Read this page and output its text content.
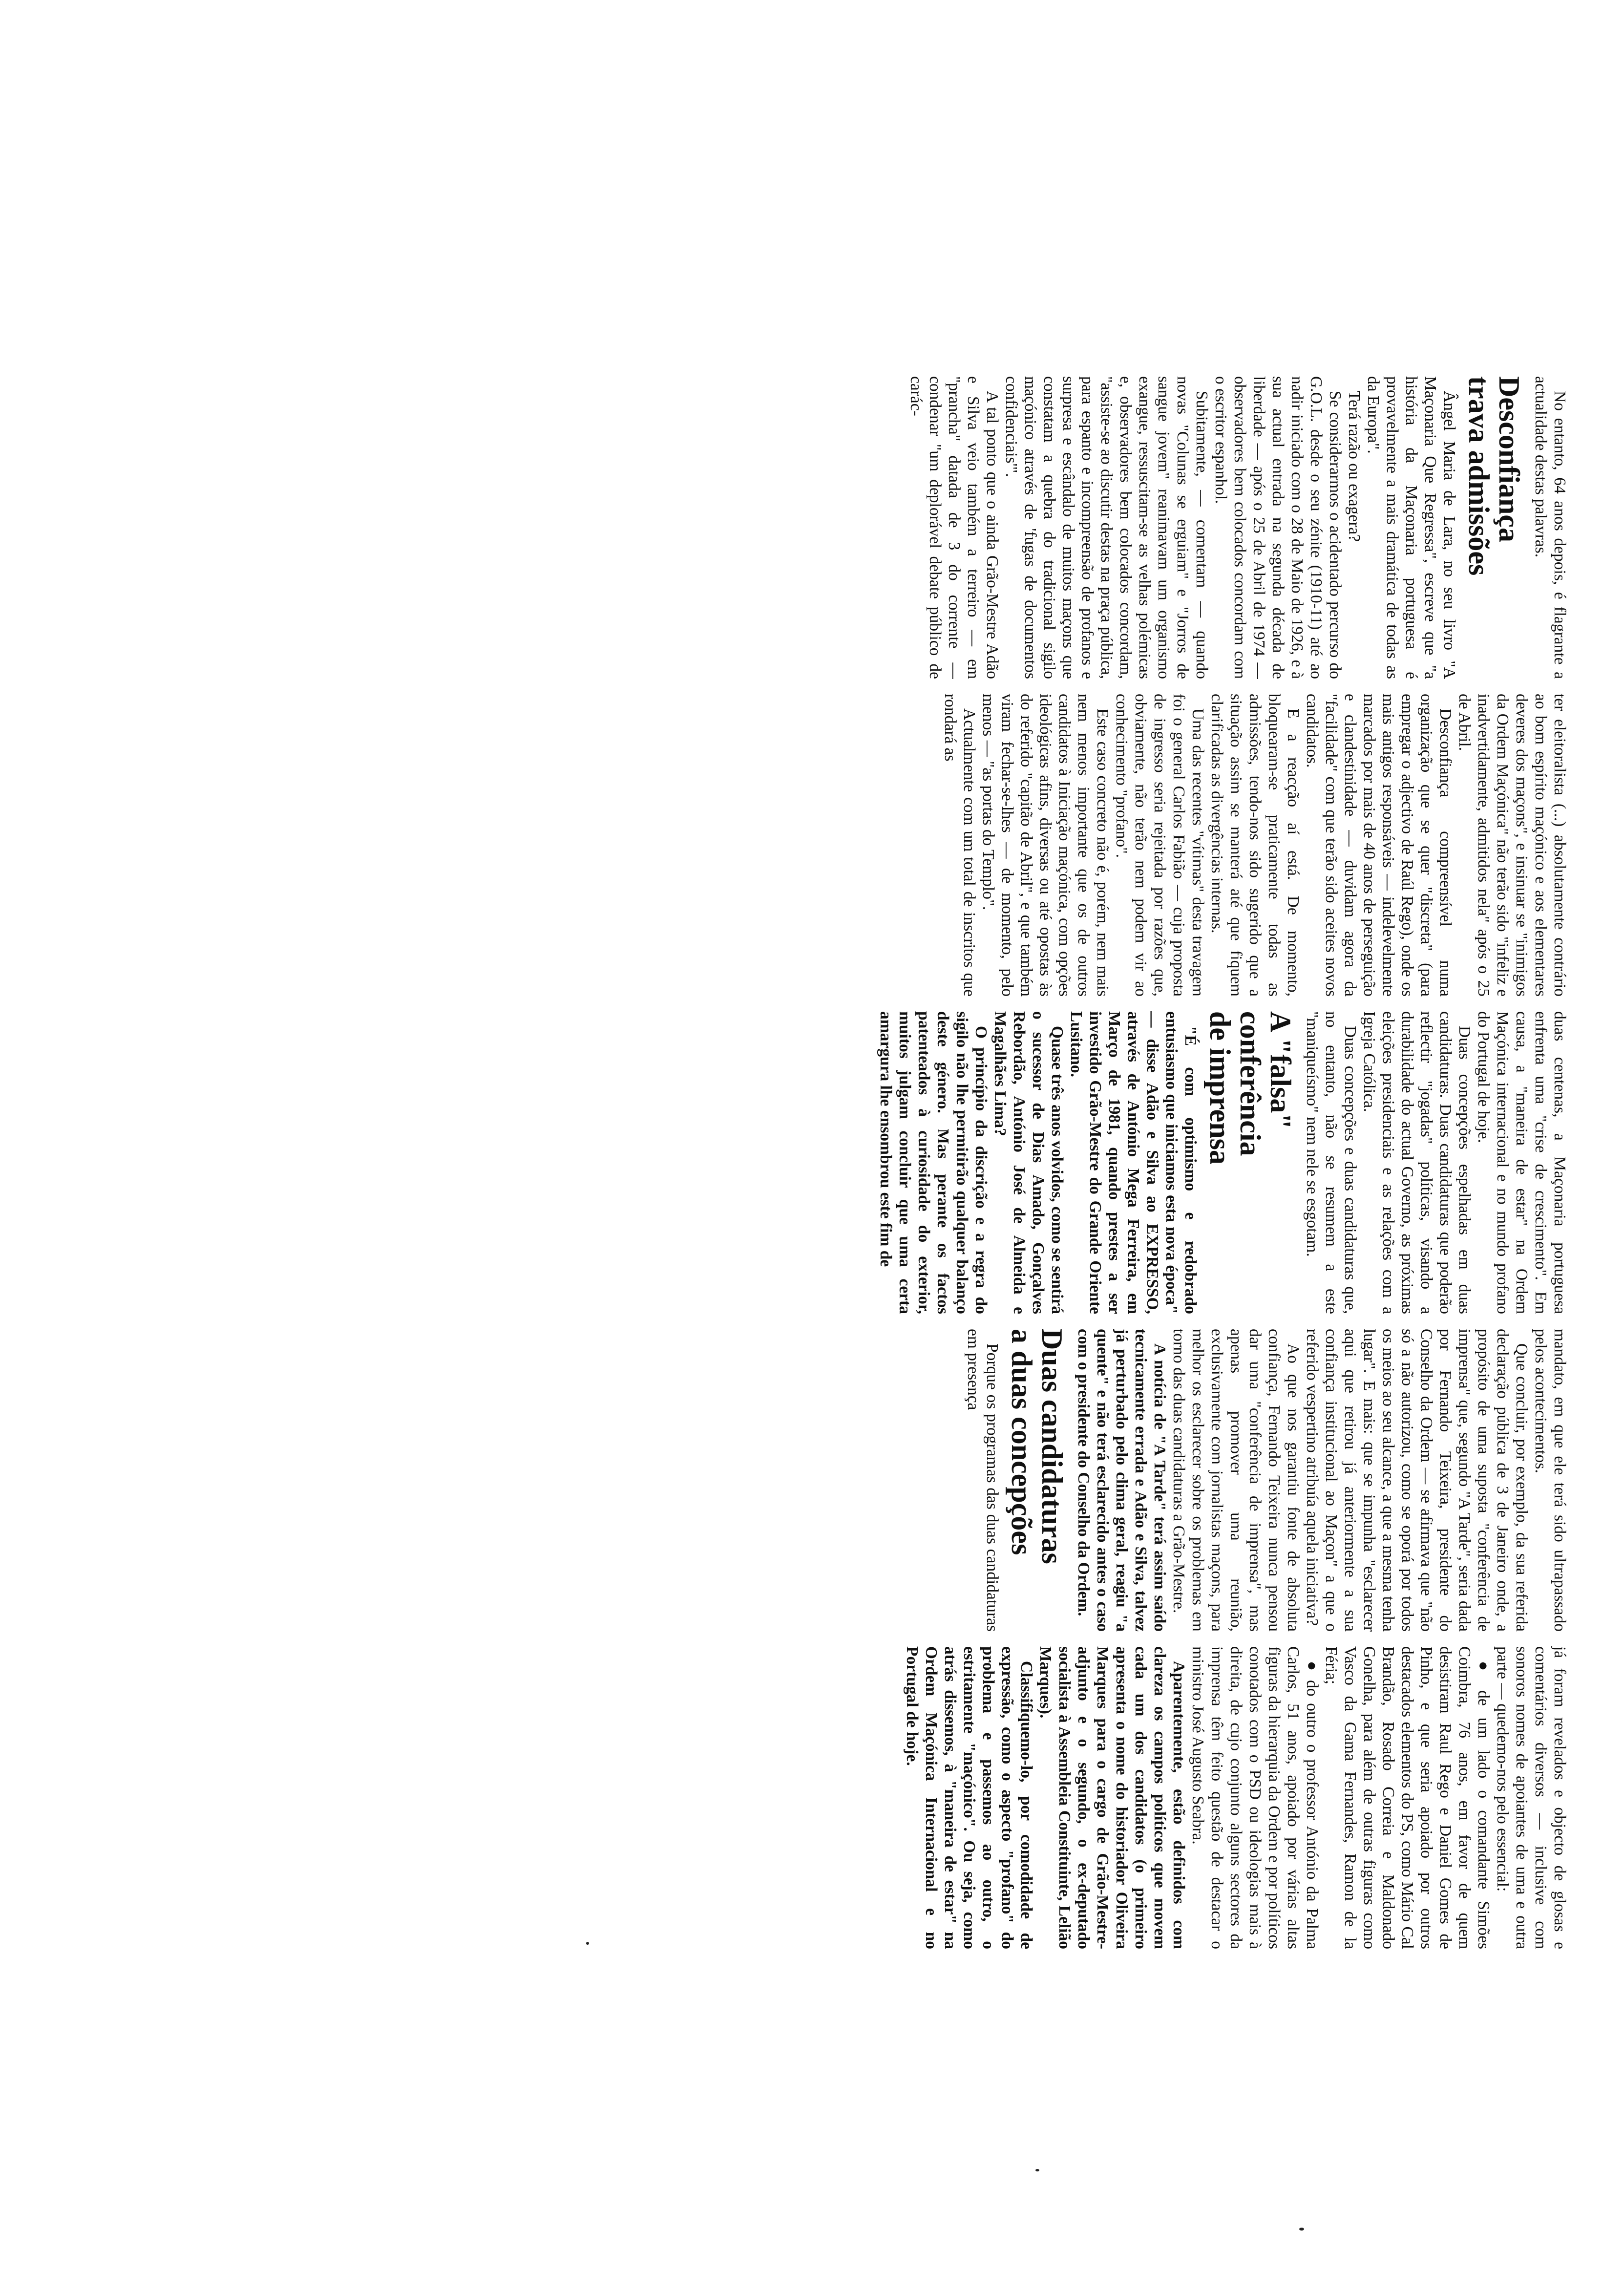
No entanto, 64 anos depois, é flagrante a actualidade destas palavras.

Desconfiança
trava admissões

Ângel Maria de Lara, no seu livro "A Maçonaria Que Regressa", escreve que "a história da Maçonaria portuguesa é provavelmente a mais dramática de todas as da Europa".

Terá razão ou exagera?

Se considerarmos o acidentado percurso do G.O.L. desde o seu zénite (1910-11) até ao nadir iniciado com o 28 de Maio de 1926, e à sua actual entrada na segunda década de liberdade — após o 25 de Abril de 1974 — observadores bem colocados concordam com o escritor espanhol.

Subitamente, — comentam — quando novas "Colunas se erguiam" e "Jorros de sangue jovem" reanimavam um organismo exangue, ressuscitam-se as velhas polémicas e, observadores bem colocados concordam, "assiste-se ao discutir destas na praça pública, para espanto e incompreensão de profanos e surpresa e escândalo de muitos maçons que constatam a quebra do tradicional sigilo maçónico através de 'fugas de documentos confidenciais'".

A tal ponto que o ainda Grão-Mestre Adão e Silva veio também a terreiro — em "prancha" datada de 3 do corrente — condenar "um deplorável debate público de carác-

ter eleitoralista (...) absolutamente contrário ao bom espírito maçónico e aos elementares deveres dos maçons", e insinuar se "inimigos da Ordem Maçónica" não terão sido "infeliz e inadvertidamente, admitidos nela" após o 25 de Abril.

Desconfiança compreensível numa organização que se quer "discreta" (para empregar o adjectivo de Raúl Rego), onde os mais antigos responsáveis — indelevelmente marcados por mais de 40 anos de perseguição e clandestinidade — duvidam agora da "facilidade" com que terão sido aceites novos candidatos.

E a reacção aí está. De momento, bloquearam-se praticamente todas as admissões, tendo-nos sido sugerido que a situação assim se manterá até que fiquem clarificadas as divergências internas.

Uma das recentes "vítimas" desta travagem foi o general Carlos Fabião — cuja proposta de ingresso seria rejeitada por razões que, obviamente, não terão nem podem vir ao conhecimento "profano".

Este caso concreto não é, porém, nem mais nem menos importante que os de outros candidatos à Iniciação maçónica, com opções ideológicas afins, diversas ou até opostas às do referido "capitão de Abril", e que também viram fechar-se-lhes — de momento, pelo menos — "as portas do Templo".

Actualmente com um total de inscritos que rondará as

duas centenas, a Maçonaria portuguesa enfrenta uma "crise de crescimento". Em causa, a "maneira de estar" na Ordem Maçónica internacional e no mundo profano do Portugal de hoje.

Duas concepções espelhadas em duas candidaturas. Duas candidaturas que poderão reflectir "jogadas" políticas, visando a durabilidade do actual Governo, as próximas eleições presidenciais e as relações com a Igreja Católica.

Duas concepções e duas candidaturas que, no entanto, não se resumem a este "maniqueísmo" nem nele se esgotam.

A "falsa"
conferência
de imprensa

"É com optimismo e redobrado entusiasmo que iniciamos esta nova época" — disse Adão e Silva ao EXPRESSO, através de António Mega Ferreira, em Março de 1981, quando prestes a ser investido Grão-Mestre do Grande Oriente Lusitano.

Quase três anos volvidos, como se sentirá o sucessor de Dias Amado, Gonçalves Rebordão, António José de Almeida e Magalhães Lima?

O princípio da discrição e a regra do sigilo não lhe permitirão qualquer balanço deste género. Mas perante os factos patenteados à curiosidade do exterior, muitos julgam concluir que uma certa amargura lhe ensombrou este fim de

mandato, em que ele terá sido ultrapassado pelos acontecimentos.

Que concluir, por exemplo, da sua referida declaração pública de 3 de Janeiro onde, a propósito de uma suposta "conferência de imprensa" que, segundo "A Tarde", seria dada por Fernando Teixeira, presidente do Conselho da Ordem — se afirmava que "não só a não autorizou, como se oporá por todos os meios ao seu alcance, a que a mesma tenha lugar". E mais: que se impunha "esclarecer aqui que retirou já anteriormente a sua confiança institucional ao Maçon" a que o referido vespertino atribuía aquela iniciativa?

Ao que nos garantiu fonte de absoluta confiança, Fernando Teixeira nunca pensou dar uma "conferência de imprensa", mas apenas promover uma reunião, exclusivamente com jornalistas maçons, para melhor os esclarecer sobre os problemas em torno das duas candidaturas a Grão-Mestre.

A notícia de "A Tarde" terá assim saído tecnicamente errada e Adão e Silva, talvez já perturbado pelo clima geral, reagiu "a quente" e não terá esclarecido antes o caso com o presidente do Conselho da Ordem.

Duas candidaturas
a duas concepções

Porque os programas das duas candidaturas em presença

já foram revelados e objecto de glosas e comentários diversos — inclusive com sonoros nomes de apoiantes de uma e outra parte — quedemo-nos pelo essencial:

● de um lado o comandante Simões Coimbra, 76 anos, em favor de quem desistiram Raul Rego e Daniel Gomes de Pinho, e que seria apoiado por outros destacados elementos do PS, como Mário Cal Brandão, Rosado Correia e Maldonado Gonelha, para além de outras figuras como Vasco da Gama Fernandes, Ramon de la Féria;

● do outro o professor António da Palma Carlos, 51 anos, apoiado por várias altas figuras da hierarquia da Ordem e por políticos conotados com o PSD ou ideologias mais à direita, de cujo conjunto alguns sectores da imprensa têm feito questão de destacar o ministro José Augusto Seabra.

Aparentemente, estão definidos com clareza os campos políticos que movem cada um dos candidatos (o primeiro apresenta o nome do historiador Oliveira Marques para o cargo de Grão-Mestre-adjunto e o segundo, o ex-deputado socialista à Assembleia Constituinte, Lelião Marques).

Classifiquemo-lo, por comodidade de expressão, como o aspecto "profano" do problema e passemos ao outro, o estritamente "maçónico". Ou seja, como atrás dissemos, à "maneira de estar" na Ordem Maçónica Internacional e no Portugal de hoje.
